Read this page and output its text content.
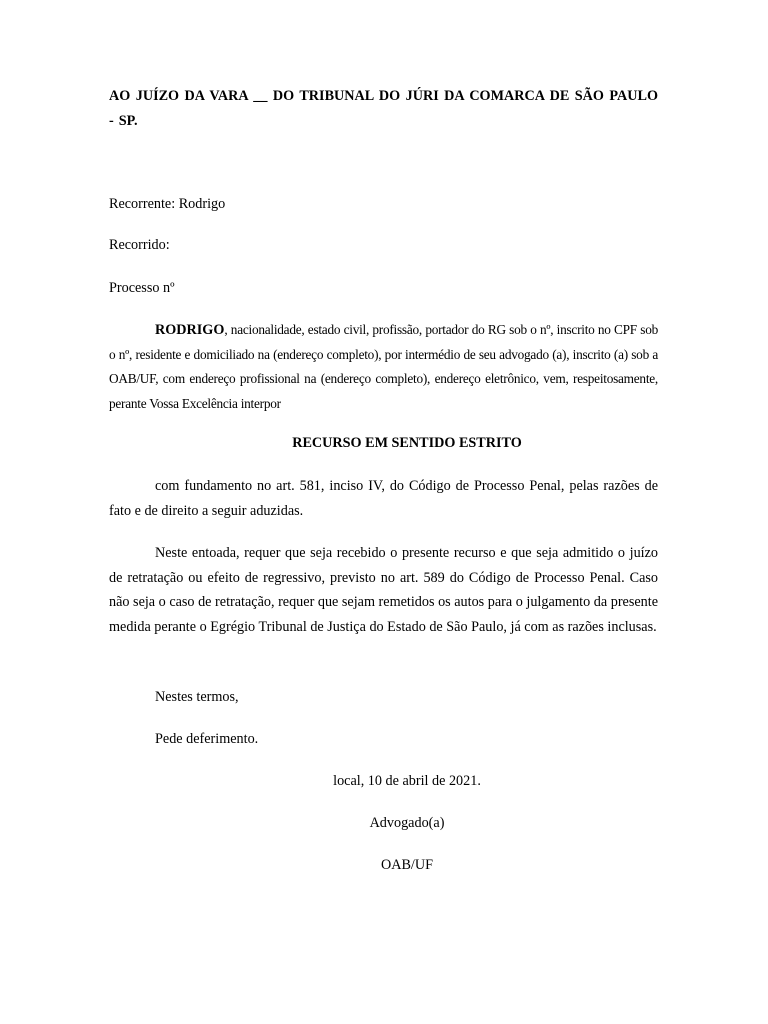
AO JUÍZO DA VARA __ DO TRIBUNAL DO JÚRI DA COMARCA DE SÃO PAULO - SP.

Recorrente: Rodrigo

Recorrido:

Processo nº

RODRIGO, nacionalidade, estado civil, profissão, portador do RG sob o nº, inscrito no CPF sob o nº, residente e domiciliado na (endereço completo), por intermédio de seu advogado (a), inscrito (a) sob a OAB/UF, com endereço profissional na (endereço completo), endereço eletrônico, vem, respeitosamente, perante Vossa Excelência interpor

RECURSO EM SENTIDO ESTRITO

com fundamento no art. 581, inciso IV, do Código de Processo Penal, pelas razões de fato e de direito a seguir aduzidas.

Neste entoada, requer que seja recebido o presente recurso e que seja admitido o juízo de retratação ou efeito de regressivo, previsto no art. 589 do Código de Processo Penal. Caso não seja o caso de retratação, requer que sejam remetidos os autos para o julgamento da presente medida perante o Egrégio Tribunal de Justiça do Estado de São Paulo, já com as razões inclusas.

Nestes termos,
Pede deferimento.
local, 10 de abril de 2021.
Advogado(a)
OAB/UF
